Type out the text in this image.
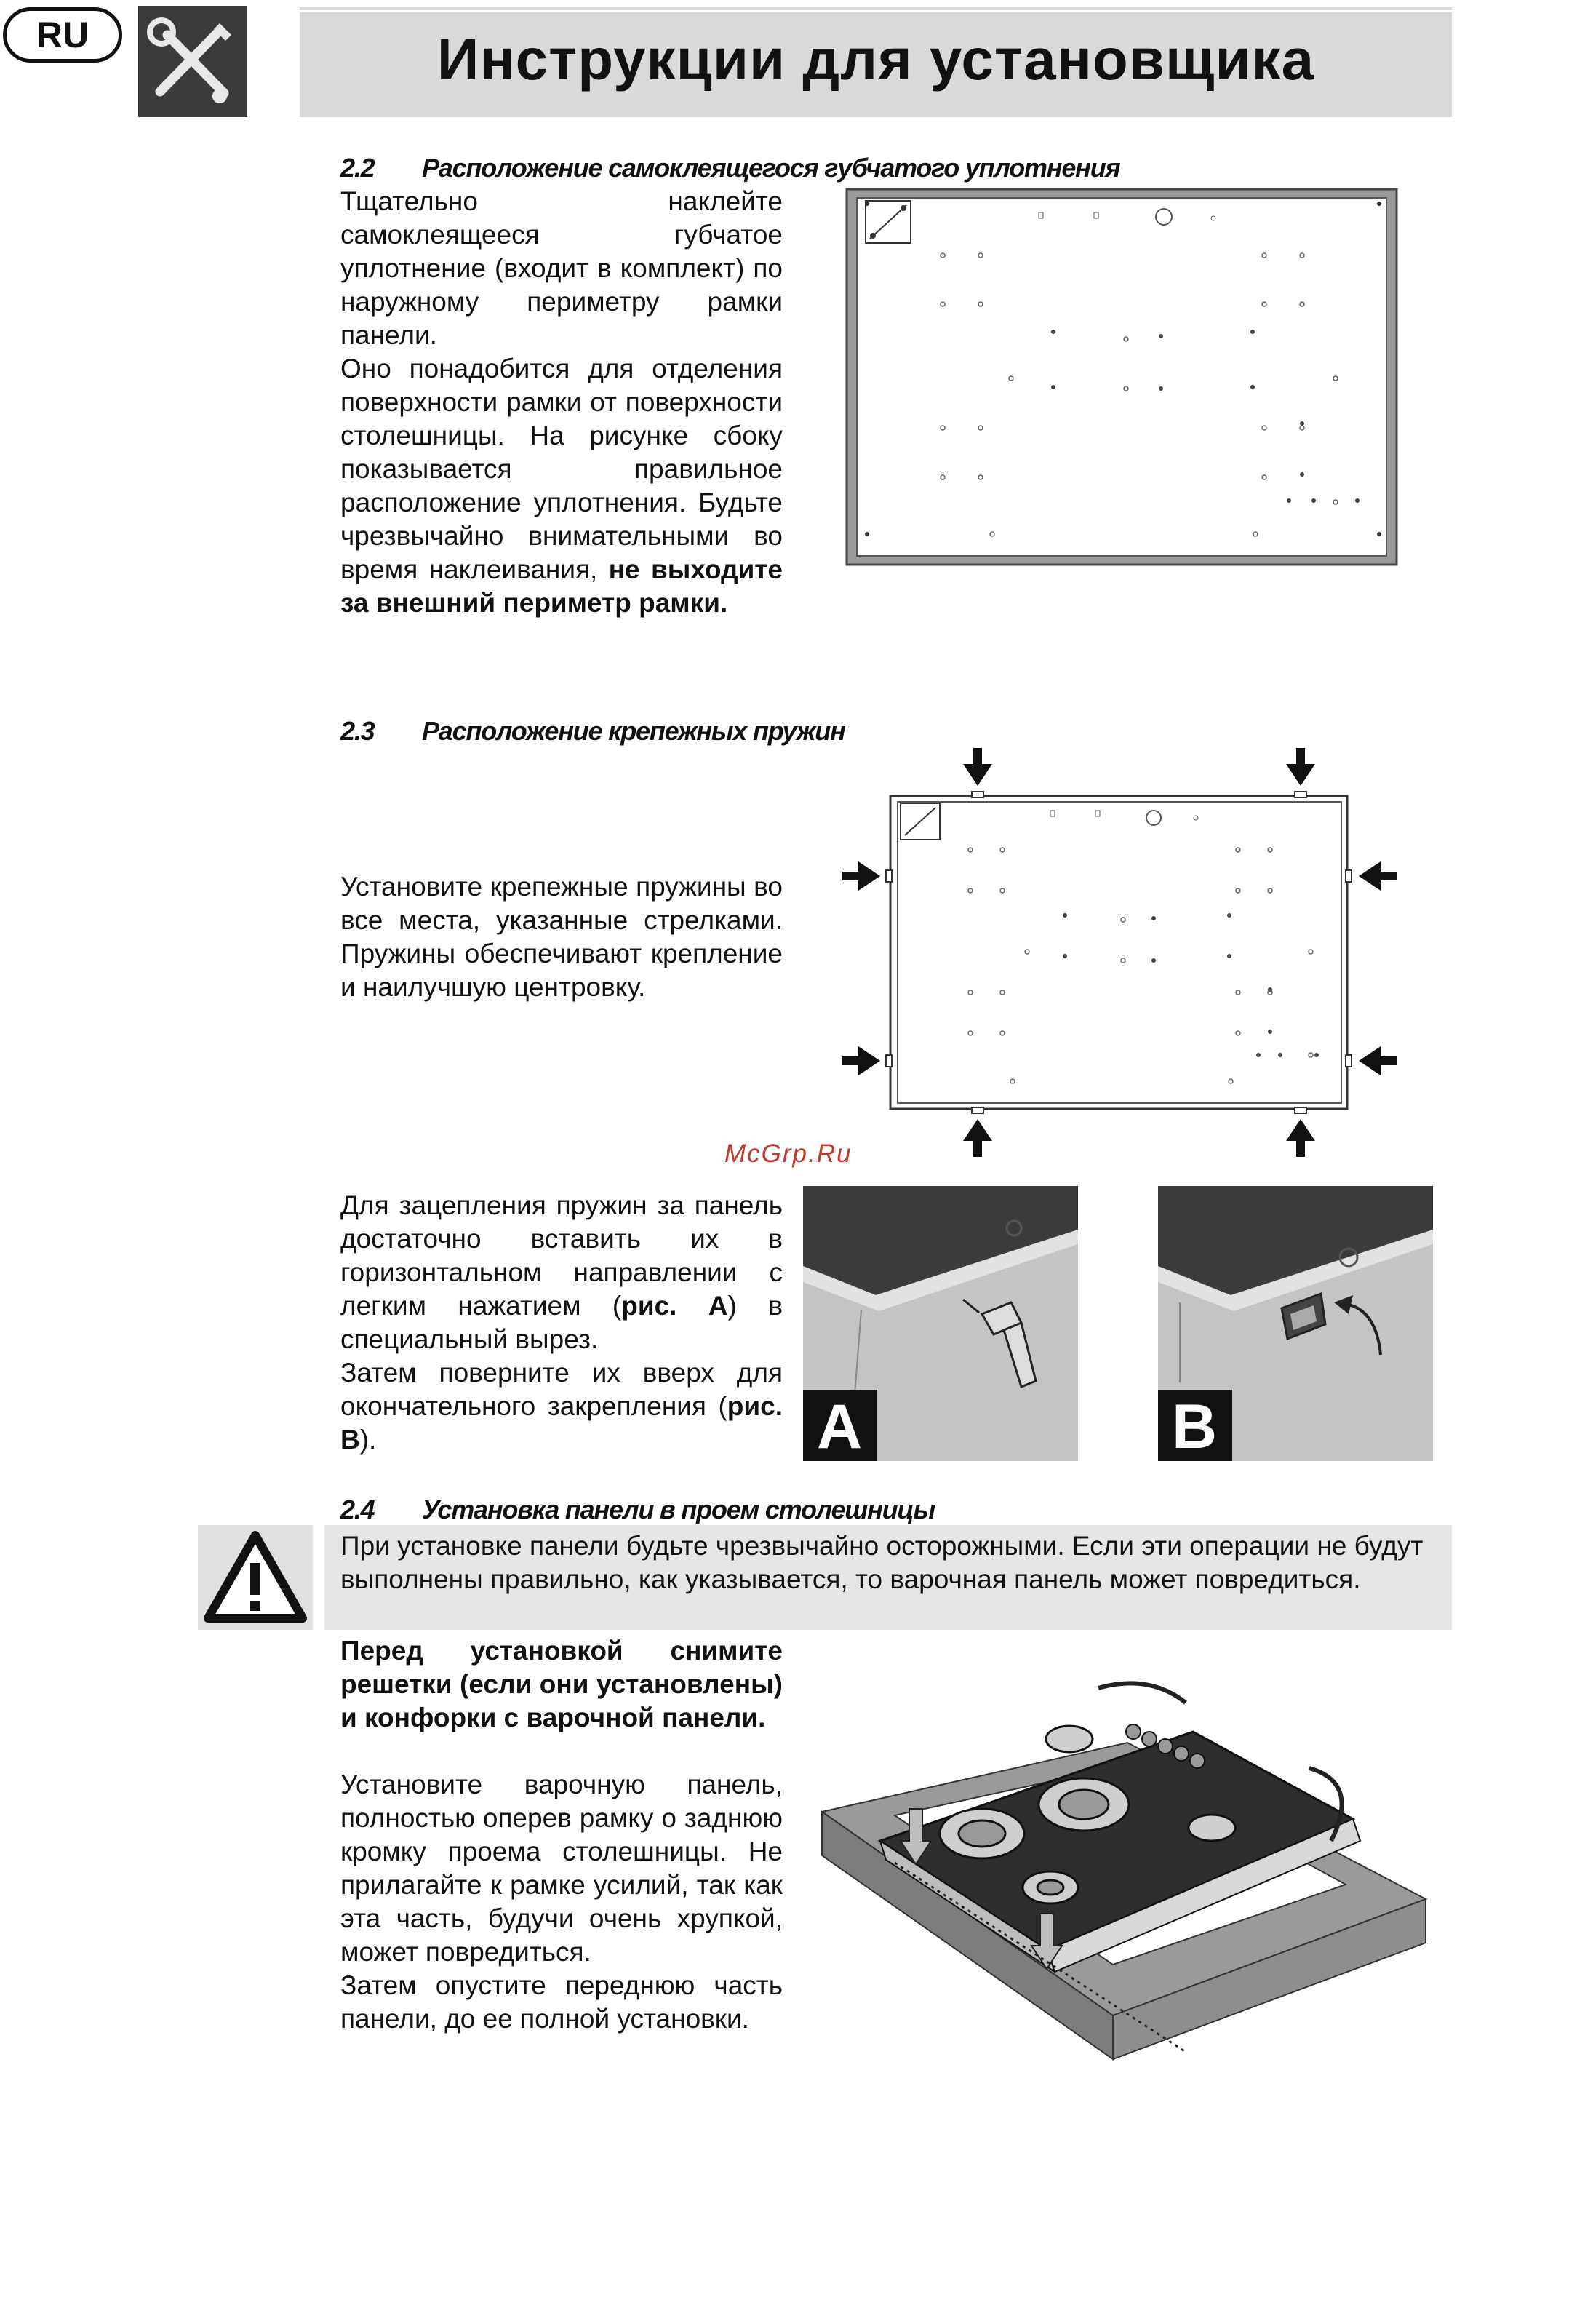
RU	Инструкции для установщика
2.2 Расположение самоклеящегося губчатого уплотнения
Тщательно наклейте самоклеящееся губчатое уплотнение (входит в комплект) по наружному периметру рамки панели.
Оно понадобится для отделения поверхности рамки от поверхности столешницы. На рисунке сбоку показывается правильное расположение уплотнения. Будьте чрезвычайно внимательными во время наклеивания, не выходите за внешний периметр рамки.
2.3 Расположение крепежных пружин
Установите крепежные пружины во все места, указанные стрелками. Пружины обеспечивают крепление и наилучшую центровку.
McGrp.Ru
Для зацепления пружин за панель достаточно вставить их в горизонтальном направлении с легким нажатием (рис. A) в специальный вырез.
Затем поверните их вверх для окончательного закрепления (рис. B).	A	B
2.4 Установка панели в проем столешницы
При установке панели будьте чрезвычайно осторожными. Если эти операции не будут выполнены правильно, как указывается, то варочная панель может повредиться.
Перед установкой снимите решетки (если они установлены) и конфорки с варочной панели.
Установите варочную панель, полностью оперев рамку о заднюю кромку проема столешницы. Не прилагайте к рамке усилий, так как эта часть, будучи очень хрупкой, может повредиться.
Затем опустите переднюю часть панели, до ее полной установки.
